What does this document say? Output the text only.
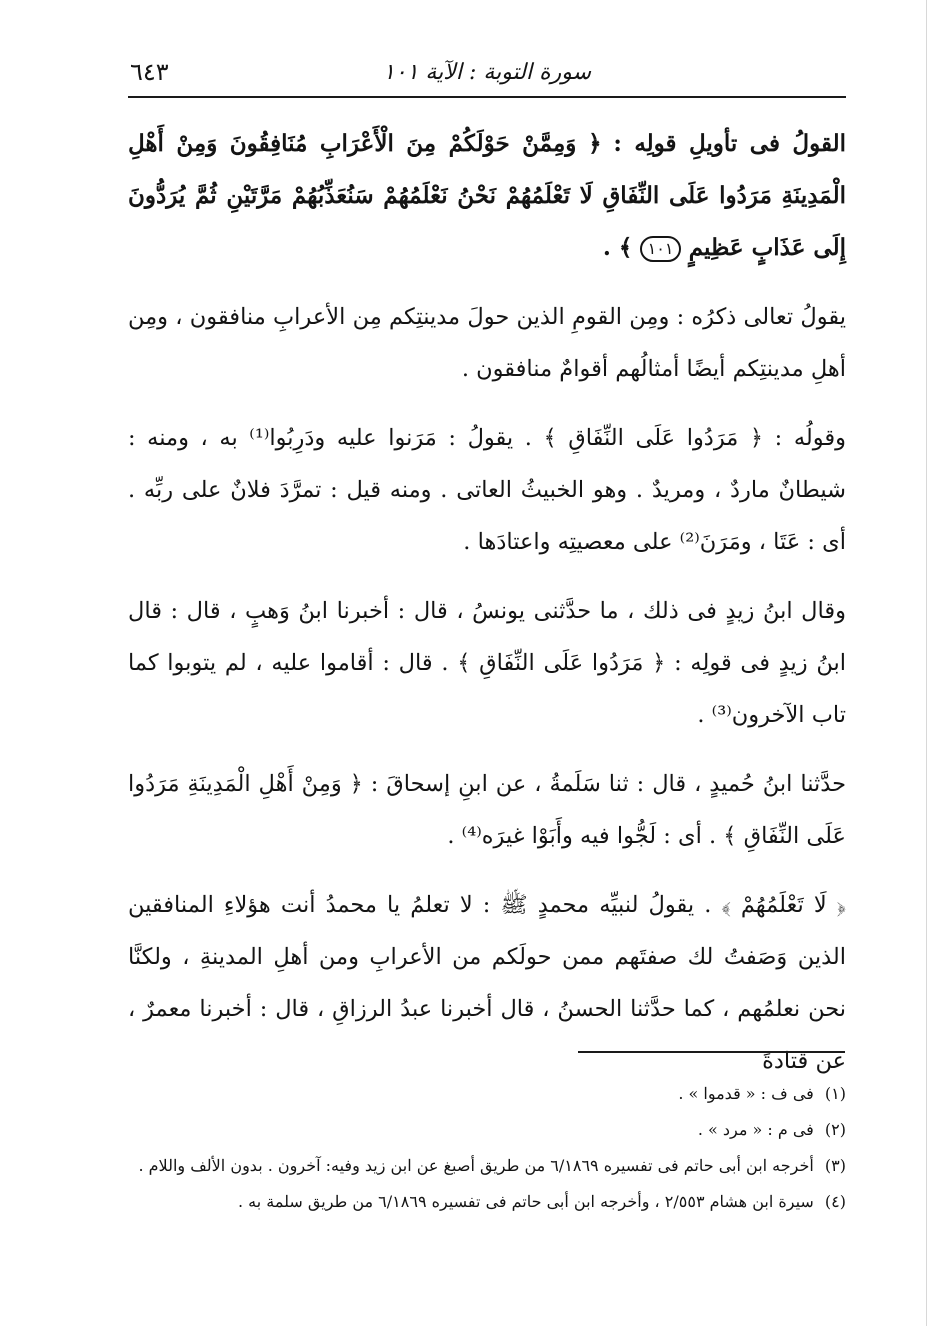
٦٤٣	سورة التوبة : الآية ١٠١

القولُ فى تأويلِ قولِه : ﴿ وَمِمَّنْ حَوْلَكُمْ مِنَ الْأَعْرَابِ مُنَافِقُونَ وَمِنْ أَهْلِ الْمَدِينَةِ مَرَدُوا عَلَى النِّفَاقِ لَا تَعْلَمُهُمْ نَحْنُ نَعْلَمُهُمْ سَنُعَذِّبُهُمْ مَرَّتَيْنِ ثُمَّ يُرَدُّونَ إِلَى عَذَابٍ عَظِيمٍ ١٠١ ﴾ .

يقولُ تعالى ذكرُه : ومِن القومِ الذين حولَ مدينتِكم مِن الأعرابِ منافقون ، ومِن أهلِ مدينتِكم أيضًا أمثالُهم أقوامٌ منافقون .

وقولُه : ﴿ مَرَدُوا عَلَى النِّفَاقِ ﴾ . يقولُ : مَرَنوا عليه ودَرِبُوا⁽¹⁾ به ، ومنه : شيطانٌ ماردٌ ، ومريدٌ . وهو الخبيثُ العاتى . ومنه قيل : تمرَّدَ فلانٌ على ربِّه . أى : عَتَا ، ومَرَنَ⁽²⁾ على معصيتِه واعتادَها .

وقال ابنُ زيدٍ فى ذلك ، ما حدَّثنى يونسُ ، قال : أخبرنا ابنُ وَهبٍ ، قال : قال ابنُ زيدٍ فى قولِه : ﴿ مَرَدُوا عَلَى النِّفَاقِ ﴾ . قال : أقاموا عليه ، لم يتوبوا كما تاب الآخرون⁽³⁾ .

حدَّثنا ابنُ حُميدٍ ، قال : ثنا سَلَمةُ ، عن ابنِ إسحاقَ : ﴿ وَمِنْ أَهْلِ الْمَدِينَةِ مَرَدُوا عَلَى النِّفَاقِ ﴾ . أى : لَجُّوا فيه وأَبَوْا غيرَه⁽⁴⁾ .

﴿ لَا تَعْلَمُهُمْ ﴾ . يقولُ لنبيِّه محمدٍ ﷺ : لا تعلمُ يا محمدُ أنت هؤلاءِ المنافقين الذين وَصَفتُ لك صفتَهم ممن حولَكم من الأعرابِ ومن أهلِ المدينةِ ، ولكنَّا نحن نعلمُهم ، كما حدَّثنا الحسنُ ، قال أخبرنا عبدُ الرزاقِ ، قال : أخبرنا معمرٌ ، عن قتادةَ

(١) فى ف : « قدموا » .

(٢) فى م : « مرد » .

(٣) أخرجه ابن أبى حاتم فى تفسيره ٦/١٨٦٩ من طريق أصبغ عن ابن زيد وفيه: آخرون . بدون الألف واللام .

(٤) سيرة ابن هشام ٢/٥٥٣ ، وأخرجه ابن أبى حاتم فى تفسيره ٦/١٨٦٩ من طريق سلمة به .
